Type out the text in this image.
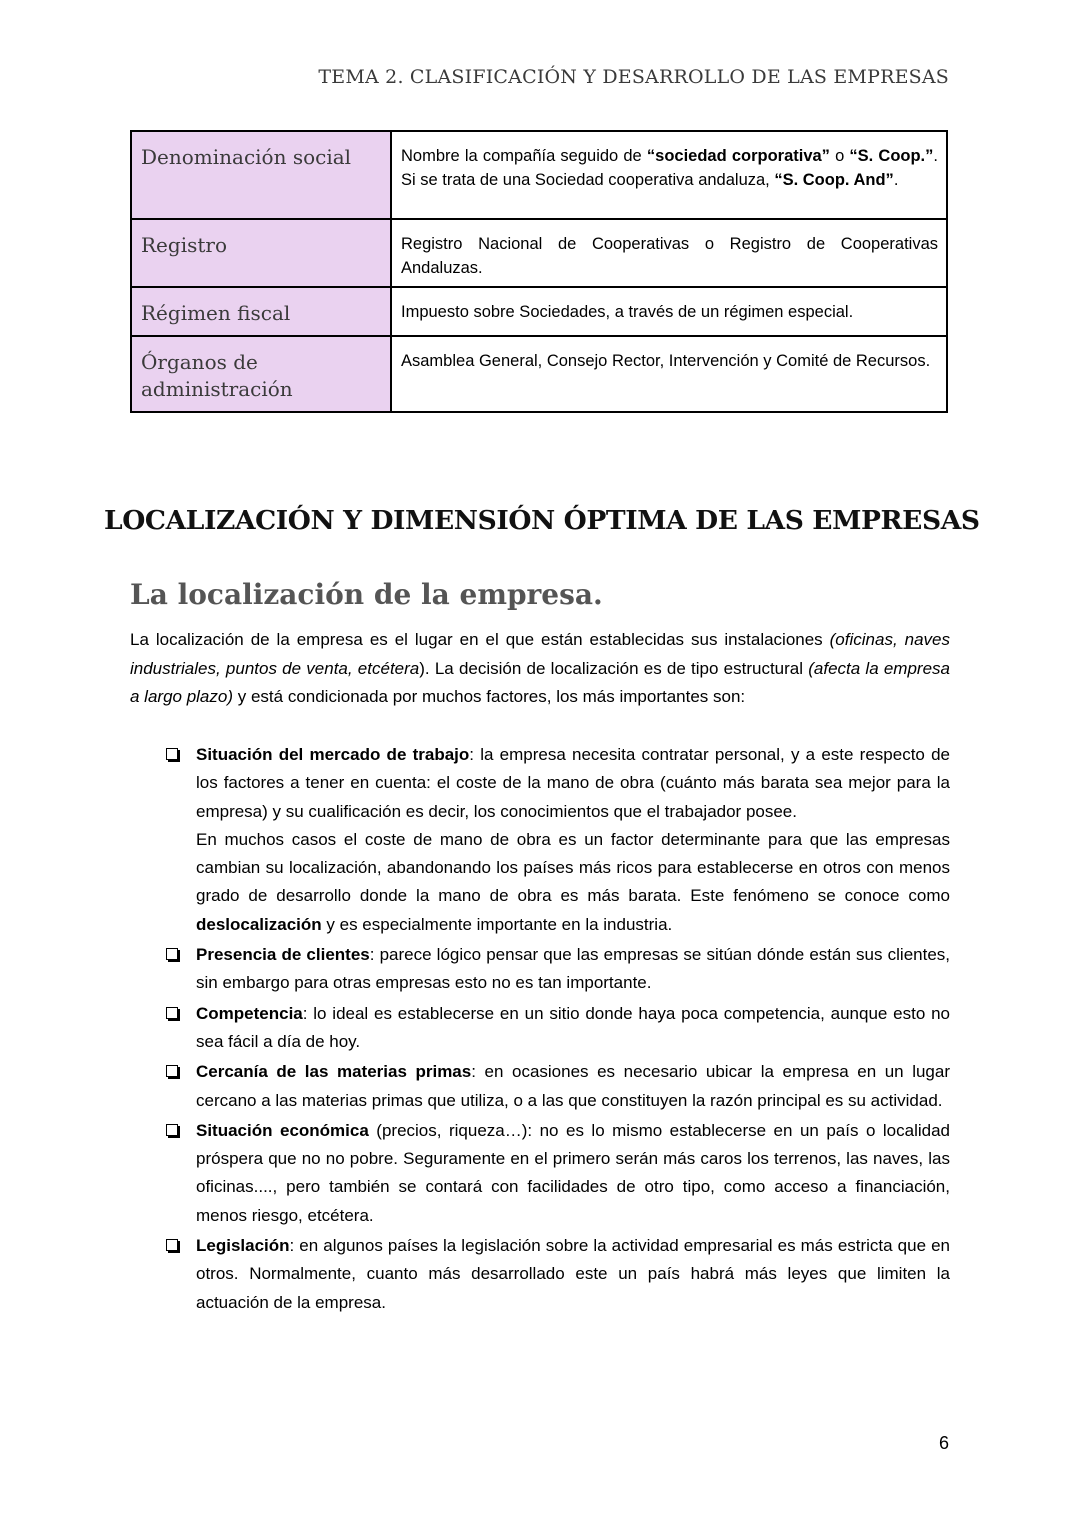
TEMA 2. CLASIFICACIÓN Y DESARROLLO DE LAS EMPRESAS
Denominación social	Nombre la compañía seguido de “sociedad corporativa” o “S. Coop.”. Si se trata de una Sociedad cooperativa andaluza, “S. Coop. And”.
Registro	Registro Nacional de Cooperativas o Registro de Cooperativas Andaluzas.
Régimen fiscal	Impuesto sobre Sociedades, a través de un régimen especial.
Órganos de administración	Asamblea General, Consejo Rector, Intervención y Comité de Recursos.
LOCALIZACIÓN Y DIMENSIÓN ÓPTIMA DE LAS EMPRESAS
La localización de la empresa.

La localización de la empresa es el lugar en el que están establecidas sus instalaciones (oficinas, naves industriales, puntos de venta, etcétera). La decisión de localización es de tipo estructural (afecta la empresa a largo plazo) y está condicionada por muchos factores, los más importantes son:

Situación del mercado de trabajo: la empresa necesita contratar personal, y a este respecto de los factores a tener en cuenta: el coste de la mano de obra (cuánto más barata sea mejor para la empresa) y su cualificación es decir, los conocimientos que el trabajador posee.
En muchos casos el coste de mano de obra es un factor determinante para que las empresas cambian su localización, abandonando los países más ricos para establecerse en otros con menos grado de desarrollo donde la mano de obra es más barata. Este fenómeno se conoce como deslocalización y es especialmente importante en la industria.
Presencia de clientes: parece lógico pensar que las empresas se sitúan dónde están sus clientes, sin embargo para otras empresas esto no es tan importante.
Competencia: lo ideal es establecerse en un sitio donde haya poca competencia, aunque esto no sea fácil a día de hoy.
Cercanía de las materias primas: en ocasiones es necesario ubicar la empresa en un lugar cercano a las materias primas que utiliza, o a las que constituyen la razón principal es su actividad.
Situación económica (precios, riqueza…): no es lo mismo establecerse en un país o localidad próspera que no no pobre. Seguramente en el primero serán más caros los terrenos, las naves, las oficinas...., pero también se contará con facilidades de otro tipo, como acceso a financiación, menos riesgo, etcétera.
Legislación: en algunos países la legislación sobre la actividad empresarial es más estricta que en otros. Normalmente, cuanto más desarrollado este un país habrá más leyes que limiten la actuación de la empresa.
6
